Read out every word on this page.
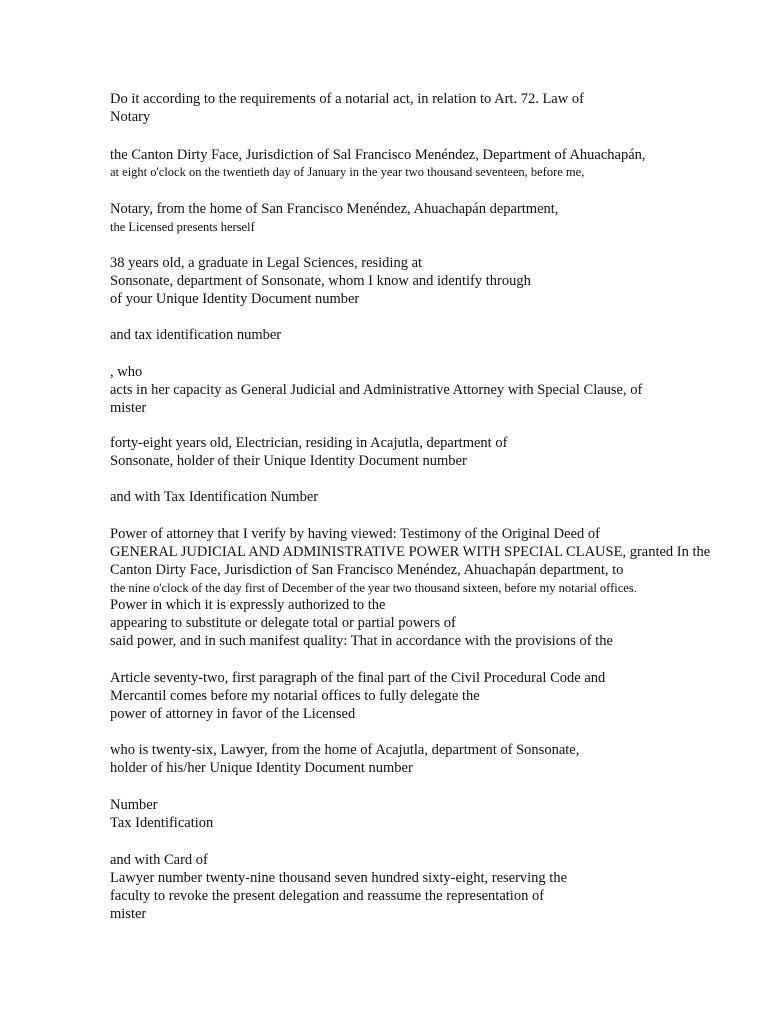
Do it according to the requirements of a notarial act, in relation to Art. 72. Law of
Notary
the Canton Dirty Face, Jurisdiction of Sal Francisco Menéndez, Department of Ahuachapán,
at eight o'clock on the twentieth day of January in the year two thousand seventeen, before me,
Notary, from the home of San Francisco Menéndez, Ahuachapán department,
the Licensed presents herself
38 years old, a graduate in Legal Sciences, residing at
Sonsonate, department of Sonsonate, whom I know and identify through
of your Unique Identity Document number
and tax identification number
, who
acts in her capacity as General Judicial and Administrative Attorney with Special Clause, of
mister
forty-eight years old, Electrician, residing in Acajutla, department of
Sonsonate, holder of their Unique Identity Document number
and with Tax Identification Number
Power of attorney that I verify by having viewed: Testimony of the Original Deed of
GENERAL JUDICIAL AND ADMINISTRATIVE POWER WITH SPECIAL CLAUSE, granted In the
Canton Dirty Face, Jurisdiction of San Francisco Menéndez, Ahuachapán department, to
the nine o'clock of the day first of December of the year two thousand sixteen, before my notarial offices.
Power in which it is expressly authorized to the
appearing to substitute or delegate total or partial powers of
said power, and in such manifest quality: That in accordance with the provisions of the
Article seventy-two, first paragraph of the final part of the Civil Procedural Code and
Mercantil comes before my notarial offices to fully delegate the
power of attorney in favor of the Licensed
who is twenty-six, Lawyer, from the home of Acajutla, department of Sonsonate,
holder of his/her Unique Identity Document number
Number
Tax Identification
and with Card of
Lawyer number twenty-nine thousand seven hundred sixty-eight, reserving the
faculty to revoke the present delegation and reassume the representation of
mister
